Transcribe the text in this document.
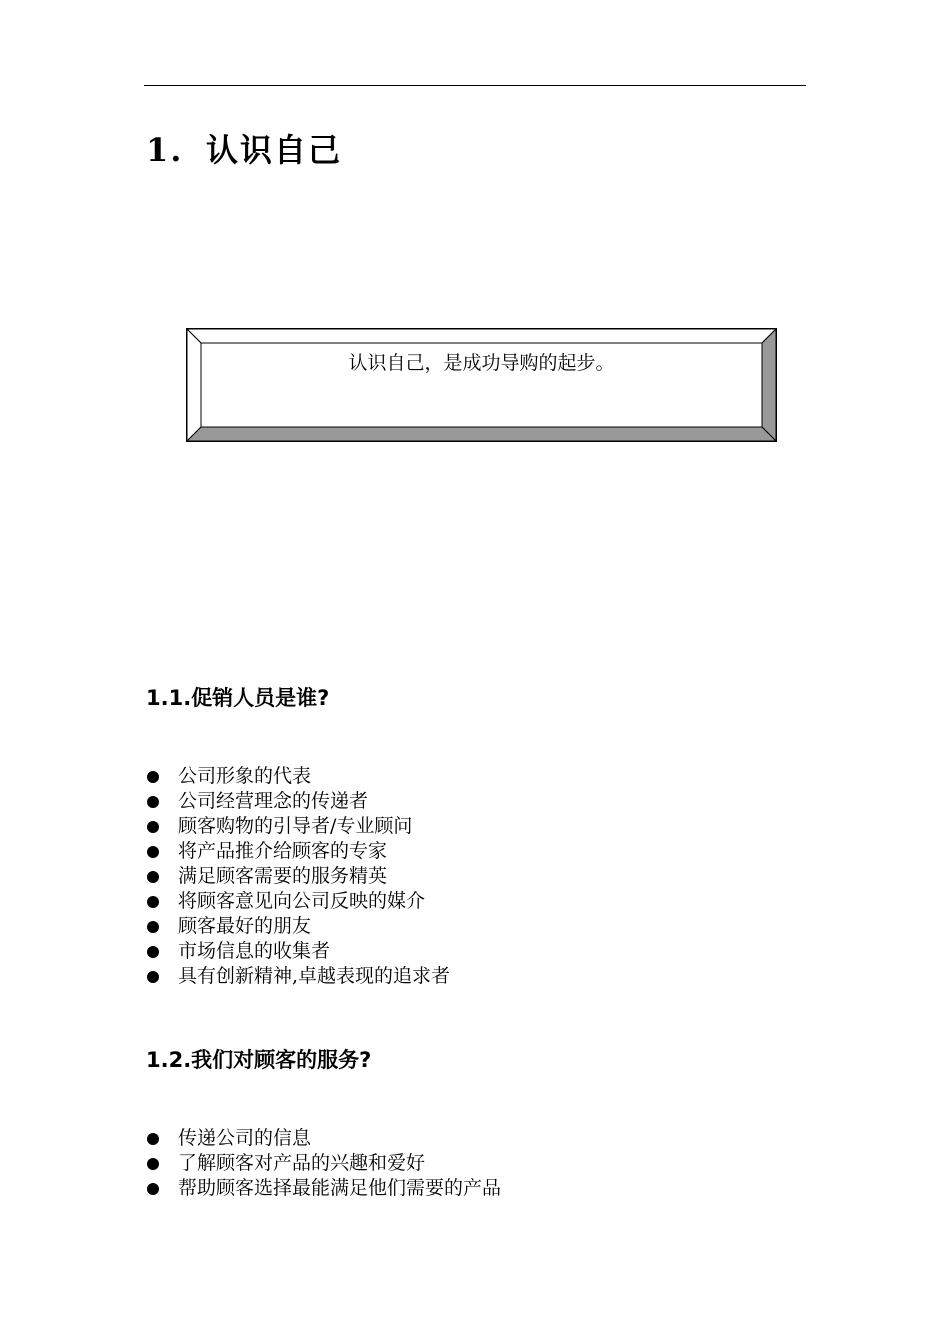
1. 认识自己
认识自己，是成功导购的起步。
1.1.促销人员是谁?
公司形象的代表
公司经营理念的传递者
顾客购物的引导者/专业顾问
将产品推介给顾客的专家
满足顾客需要的服务精英
将顾客意见向公司反映的媒介
顾客最好的朋友
市场信息的收集者
具有创新精神,卓越表现的追求者
1.2.我们对顾客的服务?
传递公司的信息
了解顾客对产品的兴趣和爱好
帮助顾客选择最能满足他们需要的产品
